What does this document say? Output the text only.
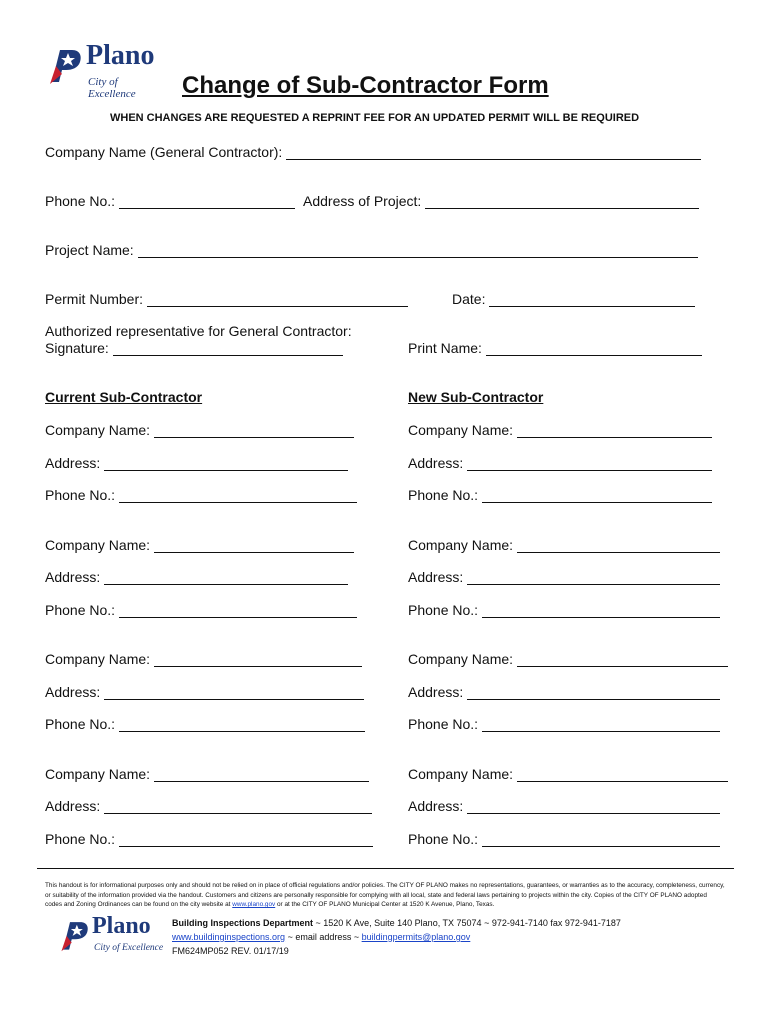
Plano
City of Excellence	Change of Sub-Contractor Form
WHEN CHANGES ARE REQUESTED A REPRINT FEE FOR AN UPDATED PERMIT WILL BE REQUIRED
Company Name (General Contractor):
Phone No.:	Address of Project:
Project Name:
Permit Number:	Date:
Authorized representative for General Contractor:
Signature:	Print Name:
Current Sub-Contractor	New Sub-Contractor
Company Name:	Company Name:
Address:	Address:
Phone No.:	Phone No.:
Company Name:	Company Name:
Address:	Address:
Phone No.:	Phone No.:
Company Name:	Company Name:
Address:	Address:
Phone No.:	Phone No.:
Company Name:	Company Name:
Address:	Address:
Phone No.:	Phone No.:
This handout is for informational purposes only and should not be relied on in place of official regulations and/or policies. The CITY OF PLANO makes no representations, guarantees, or warranties as to the accuracy, completeness, currency, or suitability of the information provided via the handout. Customers and citizens are personally responsible for complying with all local, state and federal laws pertaining to projects within the city. Copies of the CITY OF PLANO adopted codes and Zoning Ordinances can be found on the city website at www.plano.gov or at the CITY OF PLANO Municipal Center at 1520 K Avenue, Plano, Texas.
Plano
City of Excellence
Building Inspections Department ~ 1520 K Ave, Suite 140 Plano, TX 75074 ~ 972-941-7140 fax 972-941-7187
www.buildinginspections.org ~ email address ~ buildingpermits@plano.gov
FM624MP052 REV. 01/17/19
